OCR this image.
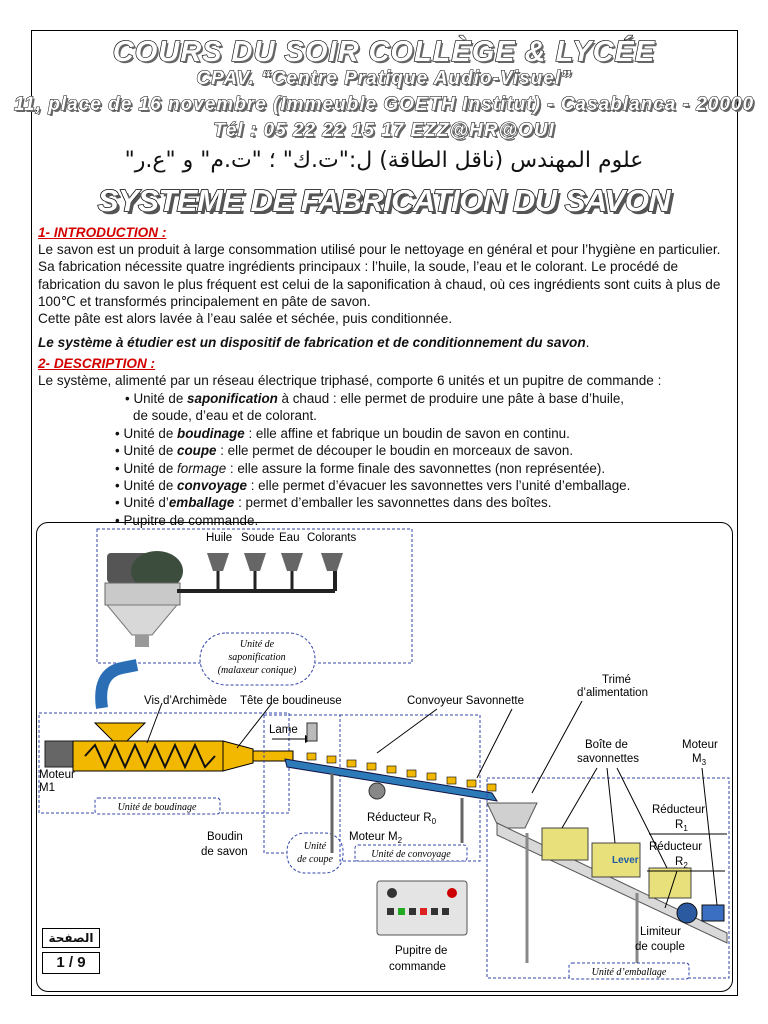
COURS DU SOIR COLLÈGE & LYCÉE
CPAV. “Centre Pratique Audio-Visuel”
11, place de 16 novembre (Immeuble GOETH Institut) - Casablanca - 20000
Tél : 05 22 22 15 17 EZZ@HR@OUI
علوم المهندس (ناقل الطاقة) ل:"ت.ك" ؛ "ت.م" و "ع.ر"
SYSTEME DE FABRICATION DU SAVON
1- INTRODUCTION :
Le savon est un produit à large consommation utilisé pour le nettoyage en général et pour l’hygiène en particulier. Sa fabrication nécessite quatre ingrédients principaux : l’huile, la soude, l’eau et le colorant. Le procédé de fabrication du savon le plus fréquent est celui de la saponification à chaud, où ces ingrédients sont cuits à plus de 100℃ et transformés principalement en pâte de savon.
Cette pâte est alors lavée à l’eau salée et séchée, puis conditionnée.
Le système à étudier est un dispositif de fabrication et de conditionnement du savon.
2- DESCRIPTION :
Le système, alimenté par un réseau électrique triphasé, comporte 6 unités et un pupitre de commande :
• Unité de saponification à chaud : elle permet de produire une pâte à base d’huile,
de soude, d’eau et de colorant.
• Unité de boudinage : elle affine et fabrique un boudin de savon en continu.
• Unité de coupe : elle permet de découper le boudin en morceaux de savon.
• Unité de formage : elle assure la forme finale des savonnettes (non représentée).
• Unité de convoyage : elle permet d’évacuer les savonnettes vers l’unité d’emballage.
• Unité d’emballage : permet d’emballer les savonnettes dans des boîtes.
• Pupitre de commande.
Huile Soude Eau Colorants
Unité de
saponification
(malaxeur conique)
Vis d’Archimède Tête de boudineuse
Moteur
M1
Unité de boudinage
Lame
Unité
de coupe
Boudin
de savon
Réducteur $R_0$
Moteur $M_2$
Unité de convoyage
Convoyeur Savonnette
Lever
Trimé
d’alimentation
Boîte de
savonnettes
Moteur
$M_3$
Réducteur
$R_1$
Réducteur
$R_2$
Limiteur
de couple
Unité d’emballage
Pupitre de
commande
الصفحة
1 / 9
